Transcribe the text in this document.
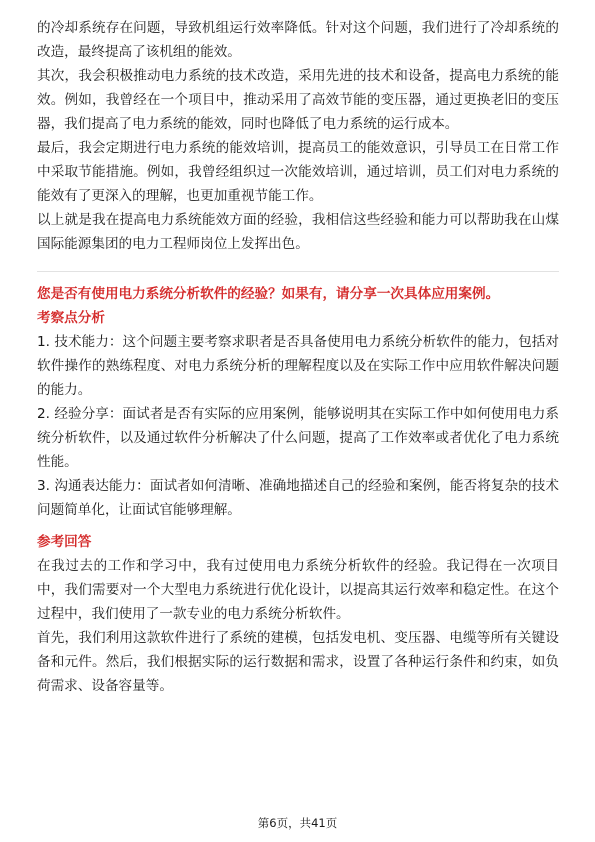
的冷却系统存在问题，导致机组运行效率降低。针对这个问题，我们进行了冷却系统的改造，最终提高了该机组的能效。

其次，我会积极推动电力系统的技术改造，采用先进的技术和设备，提高电力系统的能效。例如，我曾经在一个项目中，推动采用了高效节能的变压器，通过更换老旧的变压器，我们提高了电力系统的能效，同时也降低了电力系统的运行成本。

最后，我会定期进行电力系统的能效培训，提高员工的能效意识，引导员工在日常工作中采取节能措施。例如，我曾经组织过一次能效培训，通过培训，员工们对电力系统的能效有了更深入的理解，也更加重视节能工作。

以上就是我在提高电力系统能效方面的经验，我相信这些经验和能力可以帮助我在山煤国际能源集团的电力工程师岗位上发挥出色。

您是否有使用电力系统分析软件的经验？如果有，请分享一次具体应用案例。

考察点分析

1. 技术能力：这个问题主要考察求职者是否具备使用电力系统分析软件的能力，包括对软件操作的熟练程度、对电力系统分析的理解程度以及在实际工作中应用软件解决问题的能力。

2. 经验分享：面试者是否有实际的应用案例，能够说明其在实际工作中如何使用电力系统分析软件，以及通过软件分析解决了什么问题，提高了工作效率或者优化了电力系统性能。

3. 沟通表达能力：面试者如何清晰、准确地描述自己的经验和案例，能否将复杂的技术问题简单化，让面试官能够理解。

参考回答

在我过去的工作和学习中，我有过使用电力系统分析软件的经验。我记得在一次项目中，我们需要对一个大型电力系统进行优化设计，以提高其运行效率和稳定性。在这个过程中，我们使用了一款专业的电力系统分析软件。

首先，我们利用这款软件进行了系统的建模，包括发电机、变压器、电缆等所有关键设备和元件。然后，我们根据实际的运行数据和需求，设置了各种运行条件和约束，如负荷需求、设备容量等。

第6页，共41页
